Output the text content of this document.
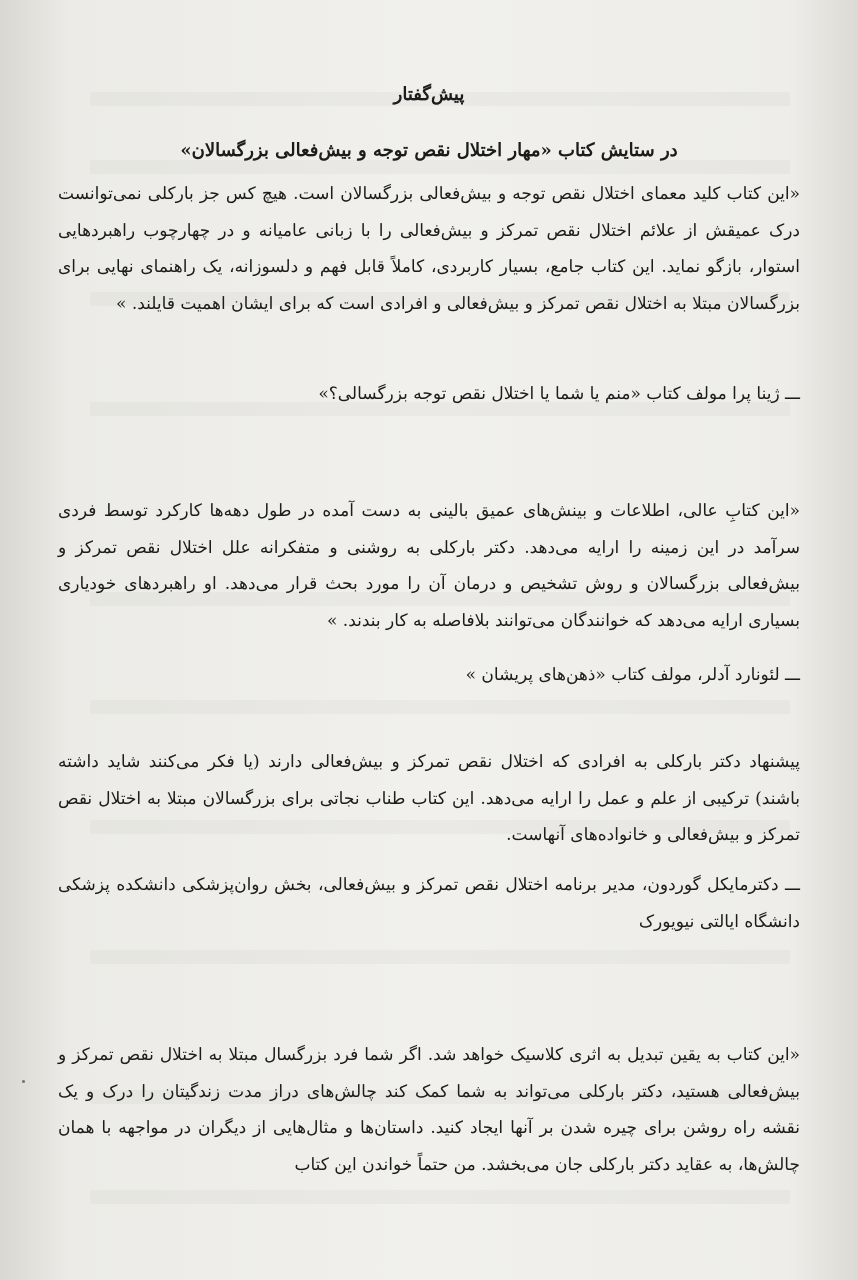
پیش‌گفتار
در ستایش کتاب «مهار اختلال نقص توجه و بیش‌فعالی بزرگسالان»
«این کتاب کلید معمای اختلال نقص توجه و بیش‌فعالی بزرگسالان است. هیچ کس جز بارکلی نمی‌توانست درک عمیقش از علائم اختلال نقص تمرکز و بیش‌فعالی را با زبانی عامیانه و در چهارچوب راهبردهایی استوار، بازگو نماید. این کتاب جامع، بسیار کاربردی، کاملاً قابل فهم و دلسوزانه، یک راهنمای نهایی برای بزرگسالان مبتلا به اختلال نقص تمرکز و بیش‌فعالی و افرادی است که برای ایشان اهمیت قایلند. »
ـــ ژینا پرا مولف کتاب «منم یا شما یا اختلال نقص توجه بزرگسالی؟»
«این کتابِ عالی، اطلاعات و بینش‌های عمیق بالینی به دست آمده در طول دهه‌ها کارکرد توسط فردی سرآمد در این زمینه را ارایه می‌دهد. دکتر بارکلی به روشنی و متفکرانه علل اختلال نقص تمرکز و بیش‌فعالی بزرگسالان و روش تشخیص و درمان آن را مورد بحث قرار می‌دهد. او راهبردهای خودیاری بسیاری ارایه می‌دهد که خوانندگان می‌توانند بلافاصله به کار بندند. »
ـــ لئونارد آدلر، مولف کتاب «ذهن‌های پریشان »
پیشنهاد دکتر بارکلی به افرادی که اختلال نقص تمرکز و بیش‌فعالی دارند (یا فکر می‌کنند شاید داشته باشند) ترکیبی از علم و عمل را ارایه می‌دهد. این کتاب طناب نجاتی برای بزرگسالان مبتلا به اختلال نقص تمرکز و بیش‌فعالی و خانواده‌های آنهاست.
ـــ دکترمایکل گوردون، مدیر برنامه اختلال نقص تمرکز و بیش‌فعالی، بخش روان‌پزشکی دانشکده پزشکی دانشگاه ایالتی نیویورک
«این کتاب به یقین تبدیل به اثری کلاسیک خواهد شد. اگر شما فرد بزرگسال مبتلا به اختلال نقص تمرکز و بیش‌فعالی هستید، دکتر بارکلی می‌تواند به شما کمک کند چالش‌های دراز مدت زندگیتان را درک و یک نقشه راه روشن برای چیره شدن بر آنها ایجاد کنید. داستان‌ها و مثال‌هایی از دیگران در مواجهه با همان چالش‌ها، به عقاید دکتر بارکلی جان می‌بخشد. من حتماً خواندن این کتاب
